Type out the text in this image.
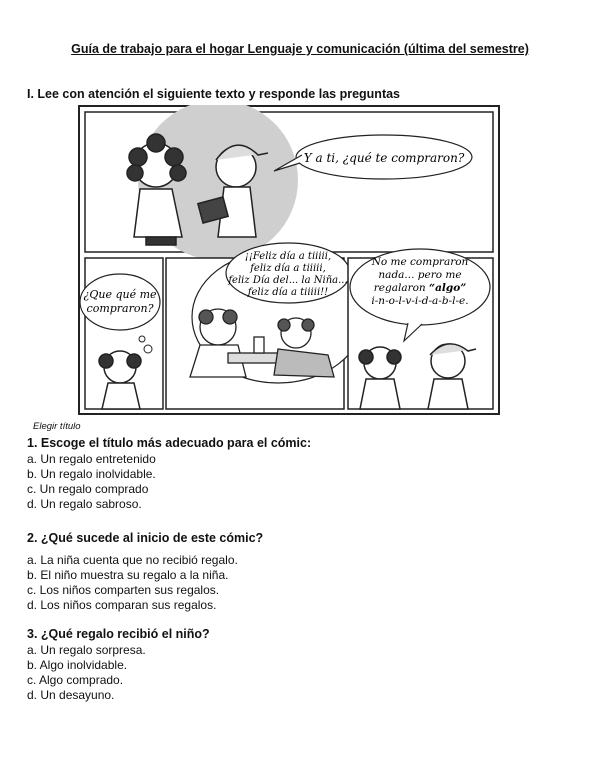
Guía de trabajo para el hogar Lenguaje y comunicación (última del semestre)
I. Lee con atención el siguiente texto y responde las preguntas
Y a ti, ¿qué te compraron?
¿Que qué me
compraron?
¡¡Feliz día a tiiiii,
feliz día a tiiiii,
feliz Día del... la Niña...
feliz día a tiiiii!!
No me compraron
nada... pero me
regalaron “algo”
i-n-o-l-v-i-d-a-b-l-e.
Elegir título
1. Escoge el título más adecuado para el cómic:
a. Un regalo entretenido
b. Un regalo inolvidable.
c. Un regalo comprado
d. Un regalo sabroso.
2. ¿Qué sucede al inicio de este cómic?
a. La niña cuenta que no recibió regalo.
b. El niño muestra su regalo a la niña.
c. Los niños comparten sus regalos.
d. Los niños comparan sus regalos.
3. ¿Qué regalo recibió el niño?
a. Un regalo sorpresa.
b. Algo inolvidable.
c. Algo comprado.
d. Un desayuno.
